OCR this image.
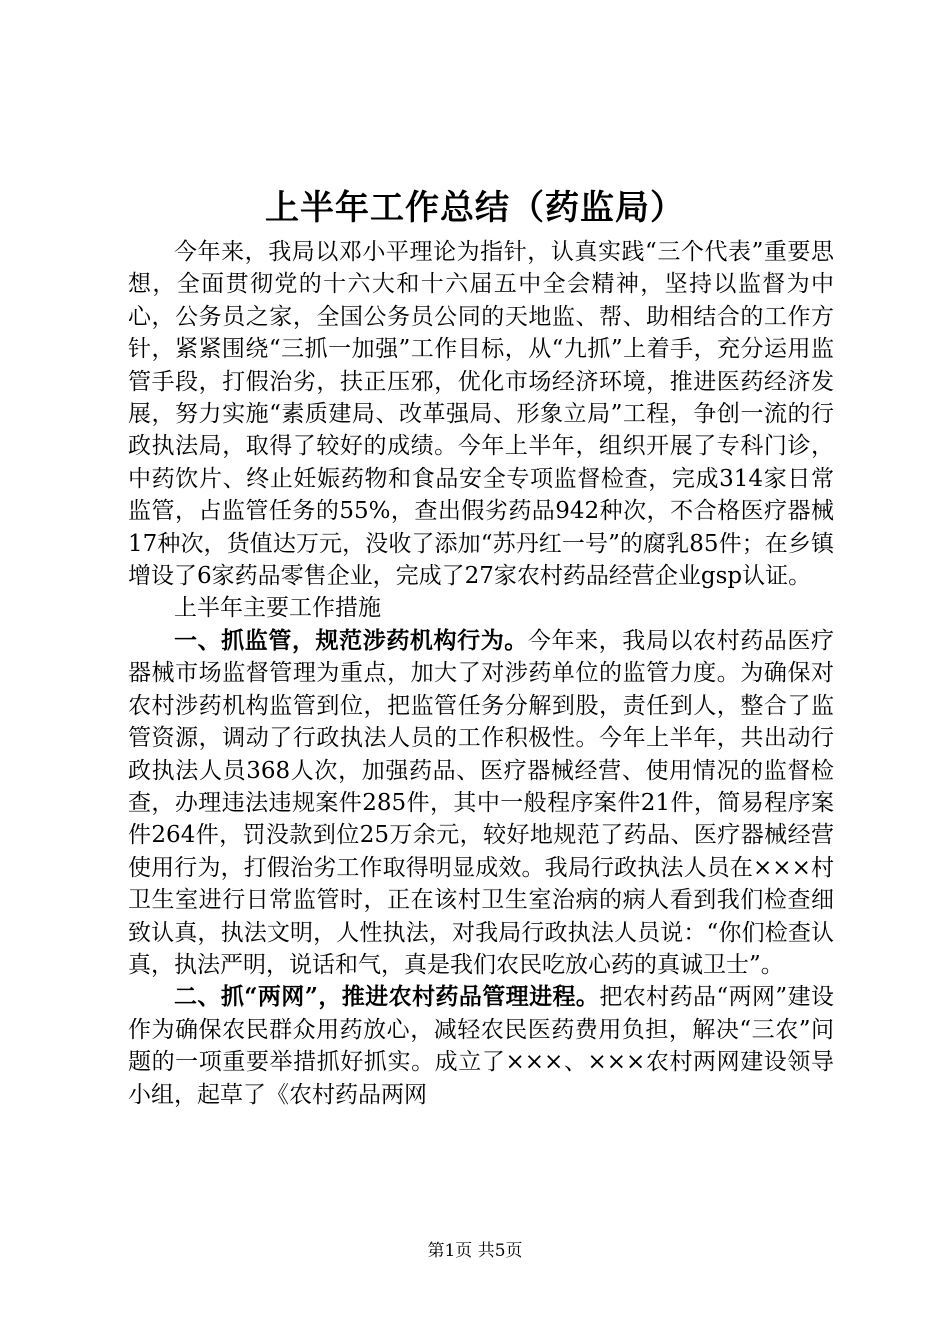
上半年工作总结（药监局）

今年来，我局以邓小平理论为指针，认真实践“三个代表”重要思想，全面贯彻党的十六大和十六届五中全会精神，坚持以监督为中心，公务员之家，全国公务员公同的天地监、帮、助相结合的工作方针，紧紧围绕“三抓一加强”工作目标，从“九抓”上着手，充分运用监管手段，打假治劣，扶正压邪，优化市场经济环境，推进医药经济发展，努力实施“素质建局、改革强局、形象立局”工程，争创一流的行政执法局，取得了较好的成绩。今年上半年，组织开展了专科门诊，中药饮片、终止妊娠药物和食品安全专项监督检查，完成314家日常监管，占监管任务的55%，查出假劣药品942种次，不合格医疗器械17种次，货值达万元，没收了添加“苏丹红一号”的腐乳85件；在乡镇增设了6家药品零售企业，完成了27家农村药品经营企业gsp认证。

上半年主要工作措施

一、抓监管，规范涉药机构行为。今年来，我局以农村药品医疗器械市场监督管理为重点，加大了对涉药单位的监管力度。为确保对农村涉药机构监管到位，把监管任务分解到股，责任到人，整合了监管资源，调动了行政执法人员的工作积极性。今年上半年，共出动行政执法人员368人次，加强药品、医疗器械经营、使用情况的监督检查，办理违法违规案件285件，其中一般程序案件21件，简易程序案件264件，罚没款到位25万余元，较好地规范了药品、医疗器械经营使用行为，打假治劣工作取得明显成效。我局行政执法人员在×××村卫生室进行日常监管时，正在该村卫生室治病的病人看到我们检查细致认真，执法文明，人性执法，对我局行政执法人员说：“你们检查认真，执法严明，说话和气，真是我们农民吃放心药的真诚卫士”。

二、抓“两网”，推进农村药品管理进程。把农村药品“两网”建设作为确保农民群众用药放心，减轻农民医药费用负担，解决“三农”问题的一项重要举措抓好抓实。成立了×××、×××农村两网建设领导小组，起草了《农村药品两网

第1页 共5页
